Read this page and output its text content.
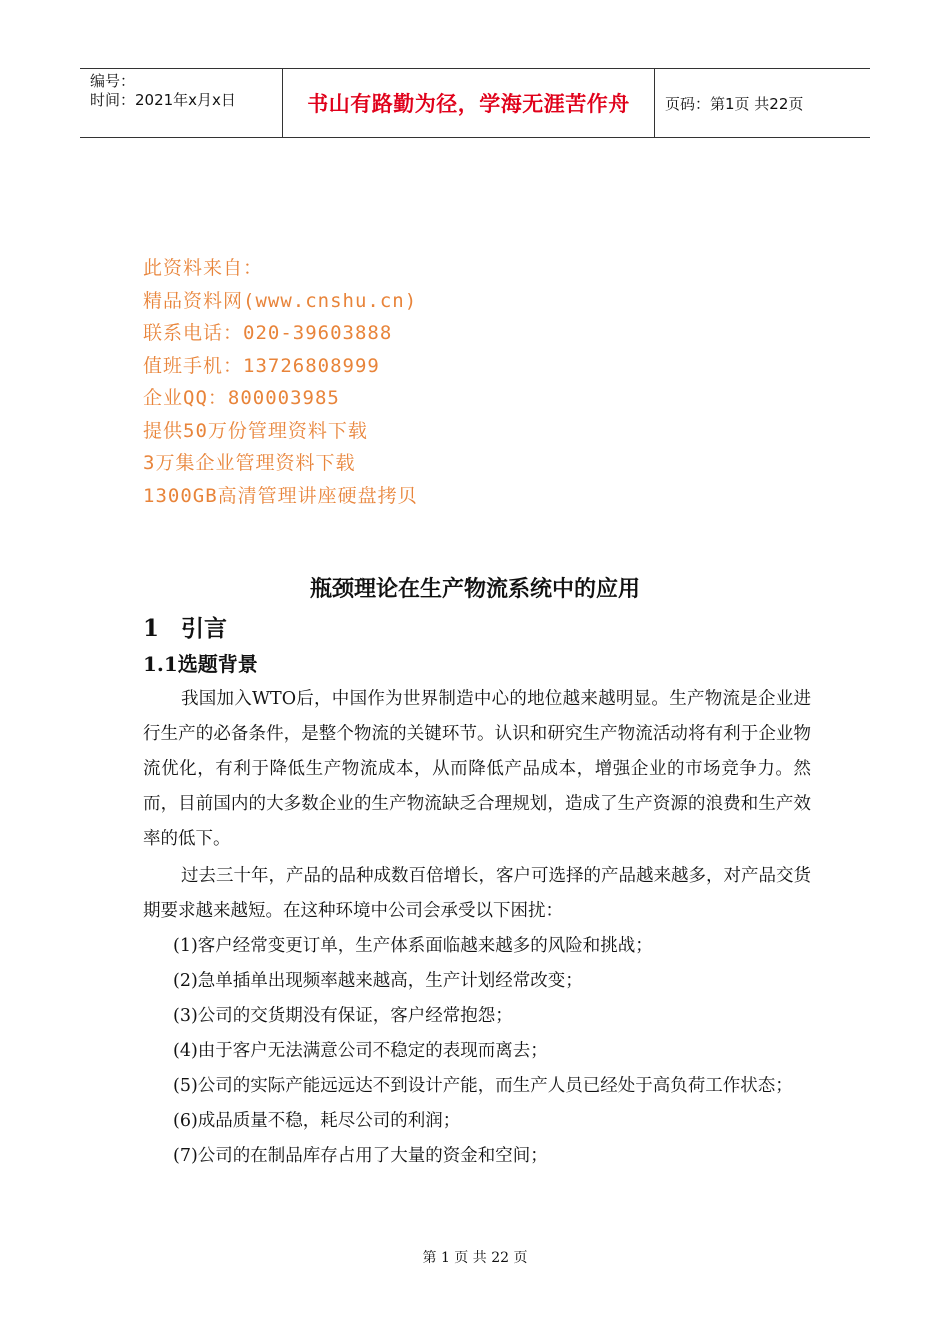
编号：
时间：2021年x月x日	书山有路勤为径，学海无涯苦作舟	页码：第1页 共22页
此资料来自：
精品资料网(www.cnshu.cn)
联系电话：020-39603888
值班手机：13726808999
企业QQ：800003985
提供50万份管理资料下载
3万集企业管理资料下载
1300GB高清管理讲座硬盘拷贝
瓶颈理论在生产物流系统中的应用
1 引言
1.1选题背景

我国加入WTO后，中国作为世界制造中心的地位越来越明显。生产物流是企业进行生产的必备条件，是整个物流的关键环节。认识和研究生产物流活动将有利于企业物流优化，有利于降低生产物流成本，从而降低产品成本，增强企业的市场竞争力。然而，目前国内的大多数企业的生产物流缺乏合理规划，造成了生产资源的浪费和生产效率的低下。

过去三十年，产品的品种成数百倍增长，客户可选择的产品越来越多，对产品交货期要求越来越短。在这种环境中公司会承受以下困扰：

(1)客户经常变更订单，生产体系面临越来越多的风险和挑战；

(2)急单插单出现频率越来越高，生产计划经常改变；

(3)公司的交货期没有保证，客户经常抱怨；

(4)由于客户无法满意公司不稳定的表现而离去；

(5)公司的实际产能远远达不到设计产能，而生产人员已经处于高负荷工作状态；

(6)成品质量不稳，耗尽公司的利润；

(7)公司的在制品库存占用了大量的资金和空间；

第 1 页 共 22 页
